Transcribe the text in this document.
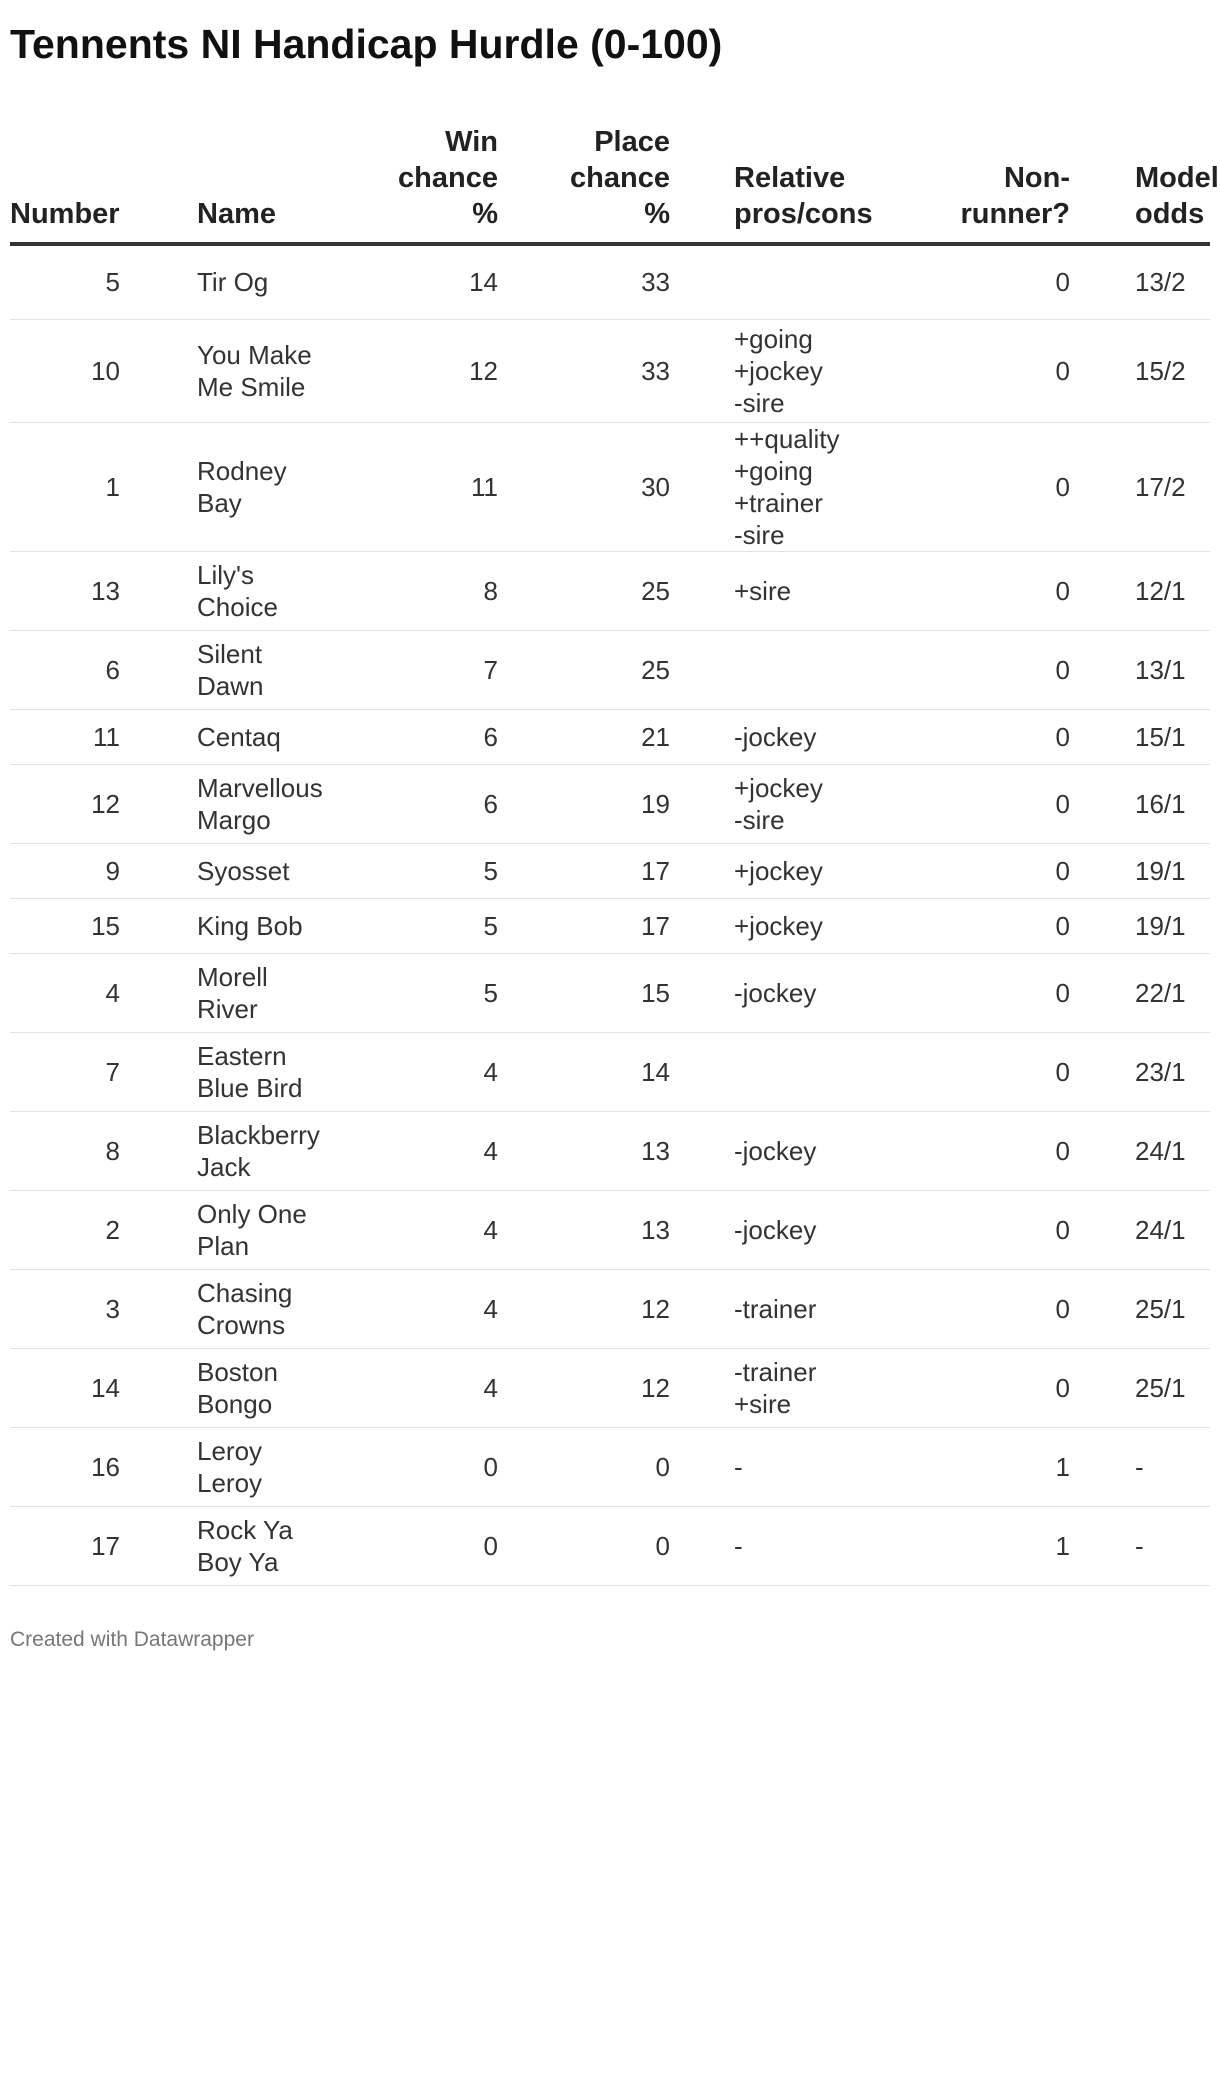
Tennents NI Handicap Hurdle (0-100)
Number	Name	Win
chance
%	Place
chance
%	Relative
pros/cons	Non-
runner?	Model
odds

5	Tir Og	14	33		0	13/2

10	You Make
Me Smile	12	33	+going
+jockey
-sire	0	15/2

1	Rodney
Bay	11	30	++quality
+going
+trainer
-sire	0	17/2

13	Lily's
Choice	8	25	+sire	0	12/1

6	Silent
Dawn	7	25		0	13/1

11	Centaq	6	21	-jockey	0	15/1

12	Marvellous
Margo	6	19	+jockey
-sire	0	16/1

9	Syosset	5	17	+jockey	0	19/1

15	King Bob	5	17	+jockey	0	19/1

4	Morell
River	5	15	-jockey	0	22/1

7	Eastern
Blue Bird	4	14		0	23/1

8	Blackberry
Jack	4	13	-jockey	0	24/1

2	Only One
Plan	4	13	-jockey	0	24/1

3	Chasing
Crowns	4	12	-trainer	0	25/1

14	Boston
Bongo	4	12	-trainer
+sire	0	25/1

16	Leroy
Leroy	0	0	-	1	-

17	Rock Ya
Boy Ya	0	0	-	1	-
Created with Datawrapper
